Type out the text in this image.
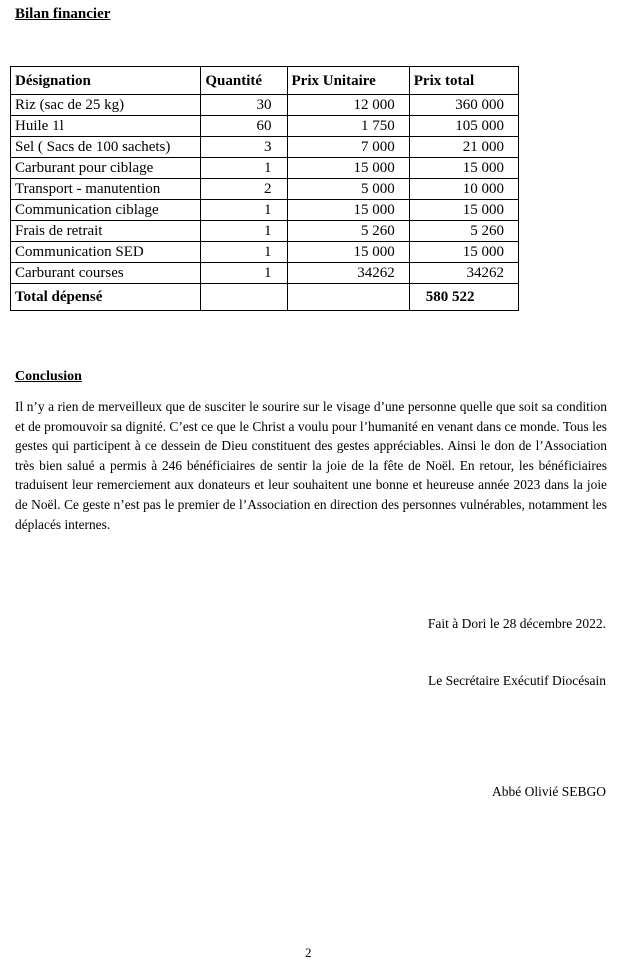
Bilan financier
Désignation	Quantité	Prix Unitaire	Prix total
Riz (sac de 25 kg)	30	12 000	360 000
Huile 1l	60	1 750	105 000
Sel ( Sacs de 100 sachets)	3	7 000	21 000
Carburant pour ciblage	1	15 000	15 000
Transport - manutention	2	5 000	10 000
Communication ciblage	1	15 000	15 000
Frais de retrait	1	5 260	5 260
Communication SED	1	15 000	15 000
Carburant courses	1	34262	34262
Total dépensé			580 522
Conclusion

Il n’y a rien de merveilleux que de susciter le sourire sur le visage d’une personne quelle que soit sa condition et de promouvoir sa dignité. C’est ce que le Christ a voulu pour l’humanité en venant dans ce monde. Tous les gestes qui participent à ce dessein de Dieu constituent des gestes appréciables. Ainsi le don de l’Association très bien salué a permis à 246 bénéficiaires de sentir la joie de la fête de Noël. En retour, les bénéficiaires traduisent leur remerciement aux donateurs et leur souhaitent une bonne et heureuse année 2023 dans la joie de Noël. Ce geste n’est pas le premier de l’Association en direction des personnes vulnérables, notamment les déplacés internes.

Fait à Dori le 28 décembre 2022.
Le Secrétaire Exécutif Diocésain
Abbé Olivié SEBGO
2
